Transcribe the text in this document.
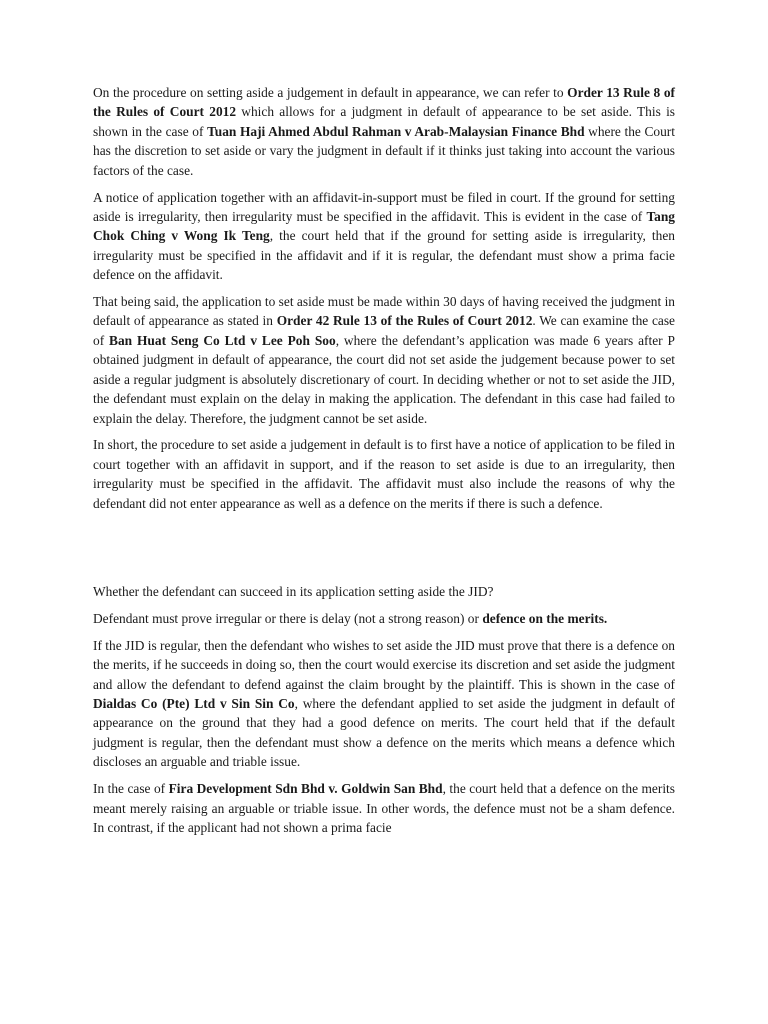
On the procedure on setting aside a judgement in default in appearance, we can refer to Order 13 Rule 8 of the Rules of Court 2012 which allows for a judgment in default of appearance to be set aside. This is shown in the case of Tuan Haji Ahmed Abdul Rahman v Arab-Malaysian Finance Bhd where the Court has the discretion to set aside or vary the judgment in default if it thinks just taking into account the various factors of the case.

A notice of application together with an affidavit-in-support must be filed in court. If the ground for setting aside is irregularity, then irregularity must be specified in the affidavit. This is evident in the case of Tang Chok Ching v Wong Ik Teng, the court held that if the ground for setting aside is irregularity, then irregularity must be specified in the affidavit and if it is regular, the defendant must show a prima facie defence on the affidavit.

That being said, the application to set aside must be made within 30 days of having received the judgment in default of appearance as stated in Order 42 Rule 13 of the Rules of Court 2012. We can examine the case of Ban Huat Seng Co Ltd v Lee Poh Soo, where the defendant’s application was made 6 years after P obtained judgment in default of appearance, the court did not set aside the judgement because power to set aside a regular judgment is absolutely discretionary of court. In deciding whether or not to set aside the JID, the defendant must explain on the delay in making the application. The defendant in this case had failed to explain the delay. Therefore, the judgment cannot be set aside.

In short, the procedure to set aside a judgement in default is to first have a notice of application to be filed in court together with an affidavit in support, and if the reason to set aside is due to an irregularity, then irregularity must be specified in the affidavit. The affidavit must also include the reasons of why the defendant did not enter appearance as well as a defence on the merits if there is such a defence.

Whether the defendant can succeed in its application setting aside the JID?

Defendant must prove irregular or there is delay (not a strong reason) or defence on the merits.

If the JID is regular, then the defendant who wishes to set aside the JID must prove that there is a defence on the merits, if he succeeds in doing so, then the court would exercise its discretion and set aside the judgment and allow the defendant to defend against the claim brought by the plaintiff. This is shown in the case of Dialdas Co (Pte) Ltd v Sin Sin Co, where the defendant applied to set aside the judgment in default of appearance on the ground that they had a good defence on merits. The court held that if the default judgment is regular, then the defendant must show a defence on the merits which means a defence which discloses an arguable and triable issue.

In the case of Fira Development Sdn Bhd v. Goldwin San Bhd, the court held that a defence on the merits meant merely raising an arguable or triable issue. In other words, the defence must not be a sham defence. In contrast, if the applicant had not shown a prima facie
